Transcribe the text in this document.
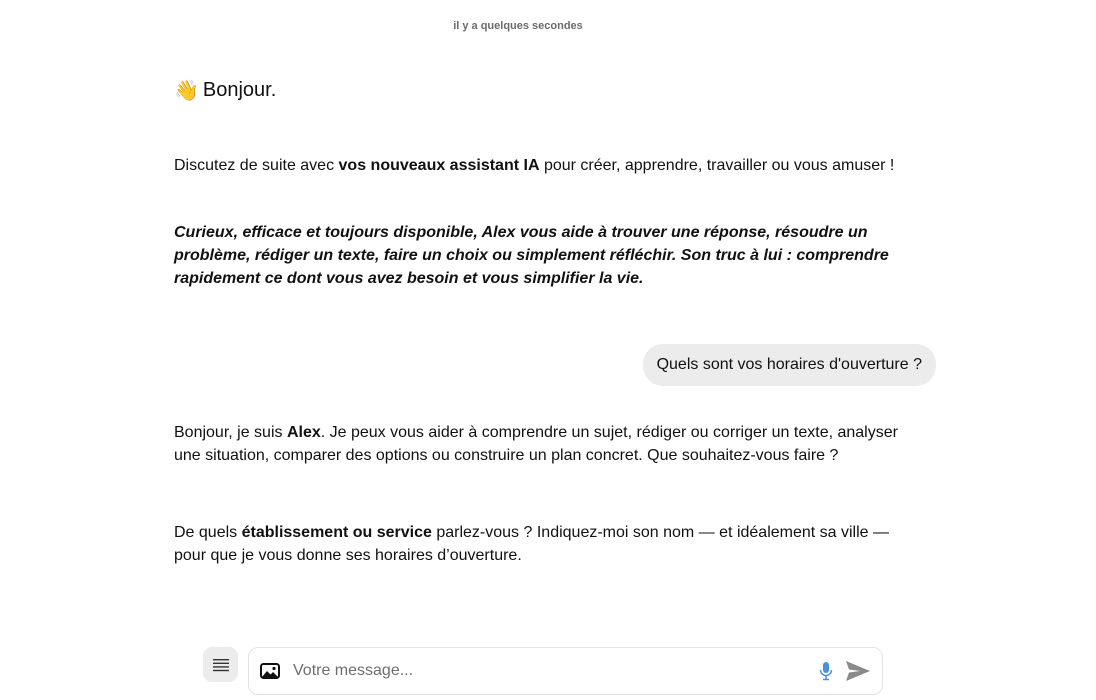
il y a quelques secondes
👋 Bonjour.

Discutez de suite avec vos nouveaux assistant IA pour créer, apprendre, travailler ou vous amuser !

Curieux, efficace et toujours disponible, Alex vous aide à trouver une réponse, résoudre un problème, rédiger un texte, faire un choix ou simplement réfléchir. Son truc à lui : comprendre rapidement ce dont vous avez besoin et vous simplifier la vie.

Quels sont vos horaires d'ouverture ?

Bonjour, je suis Alex. Je peux vous aider à comprendre un sujet, rédiger ou corriger un texte, analyser une situation, comparer des options ou construire un plan concret. Que souhaitez-vous faire ?

De quels établissement ou service parlez-vous ? Indiquez-moi son nom — et idéalement sa ville — pour que je vous donne ses horaires d’ouverture.

Votre message...
